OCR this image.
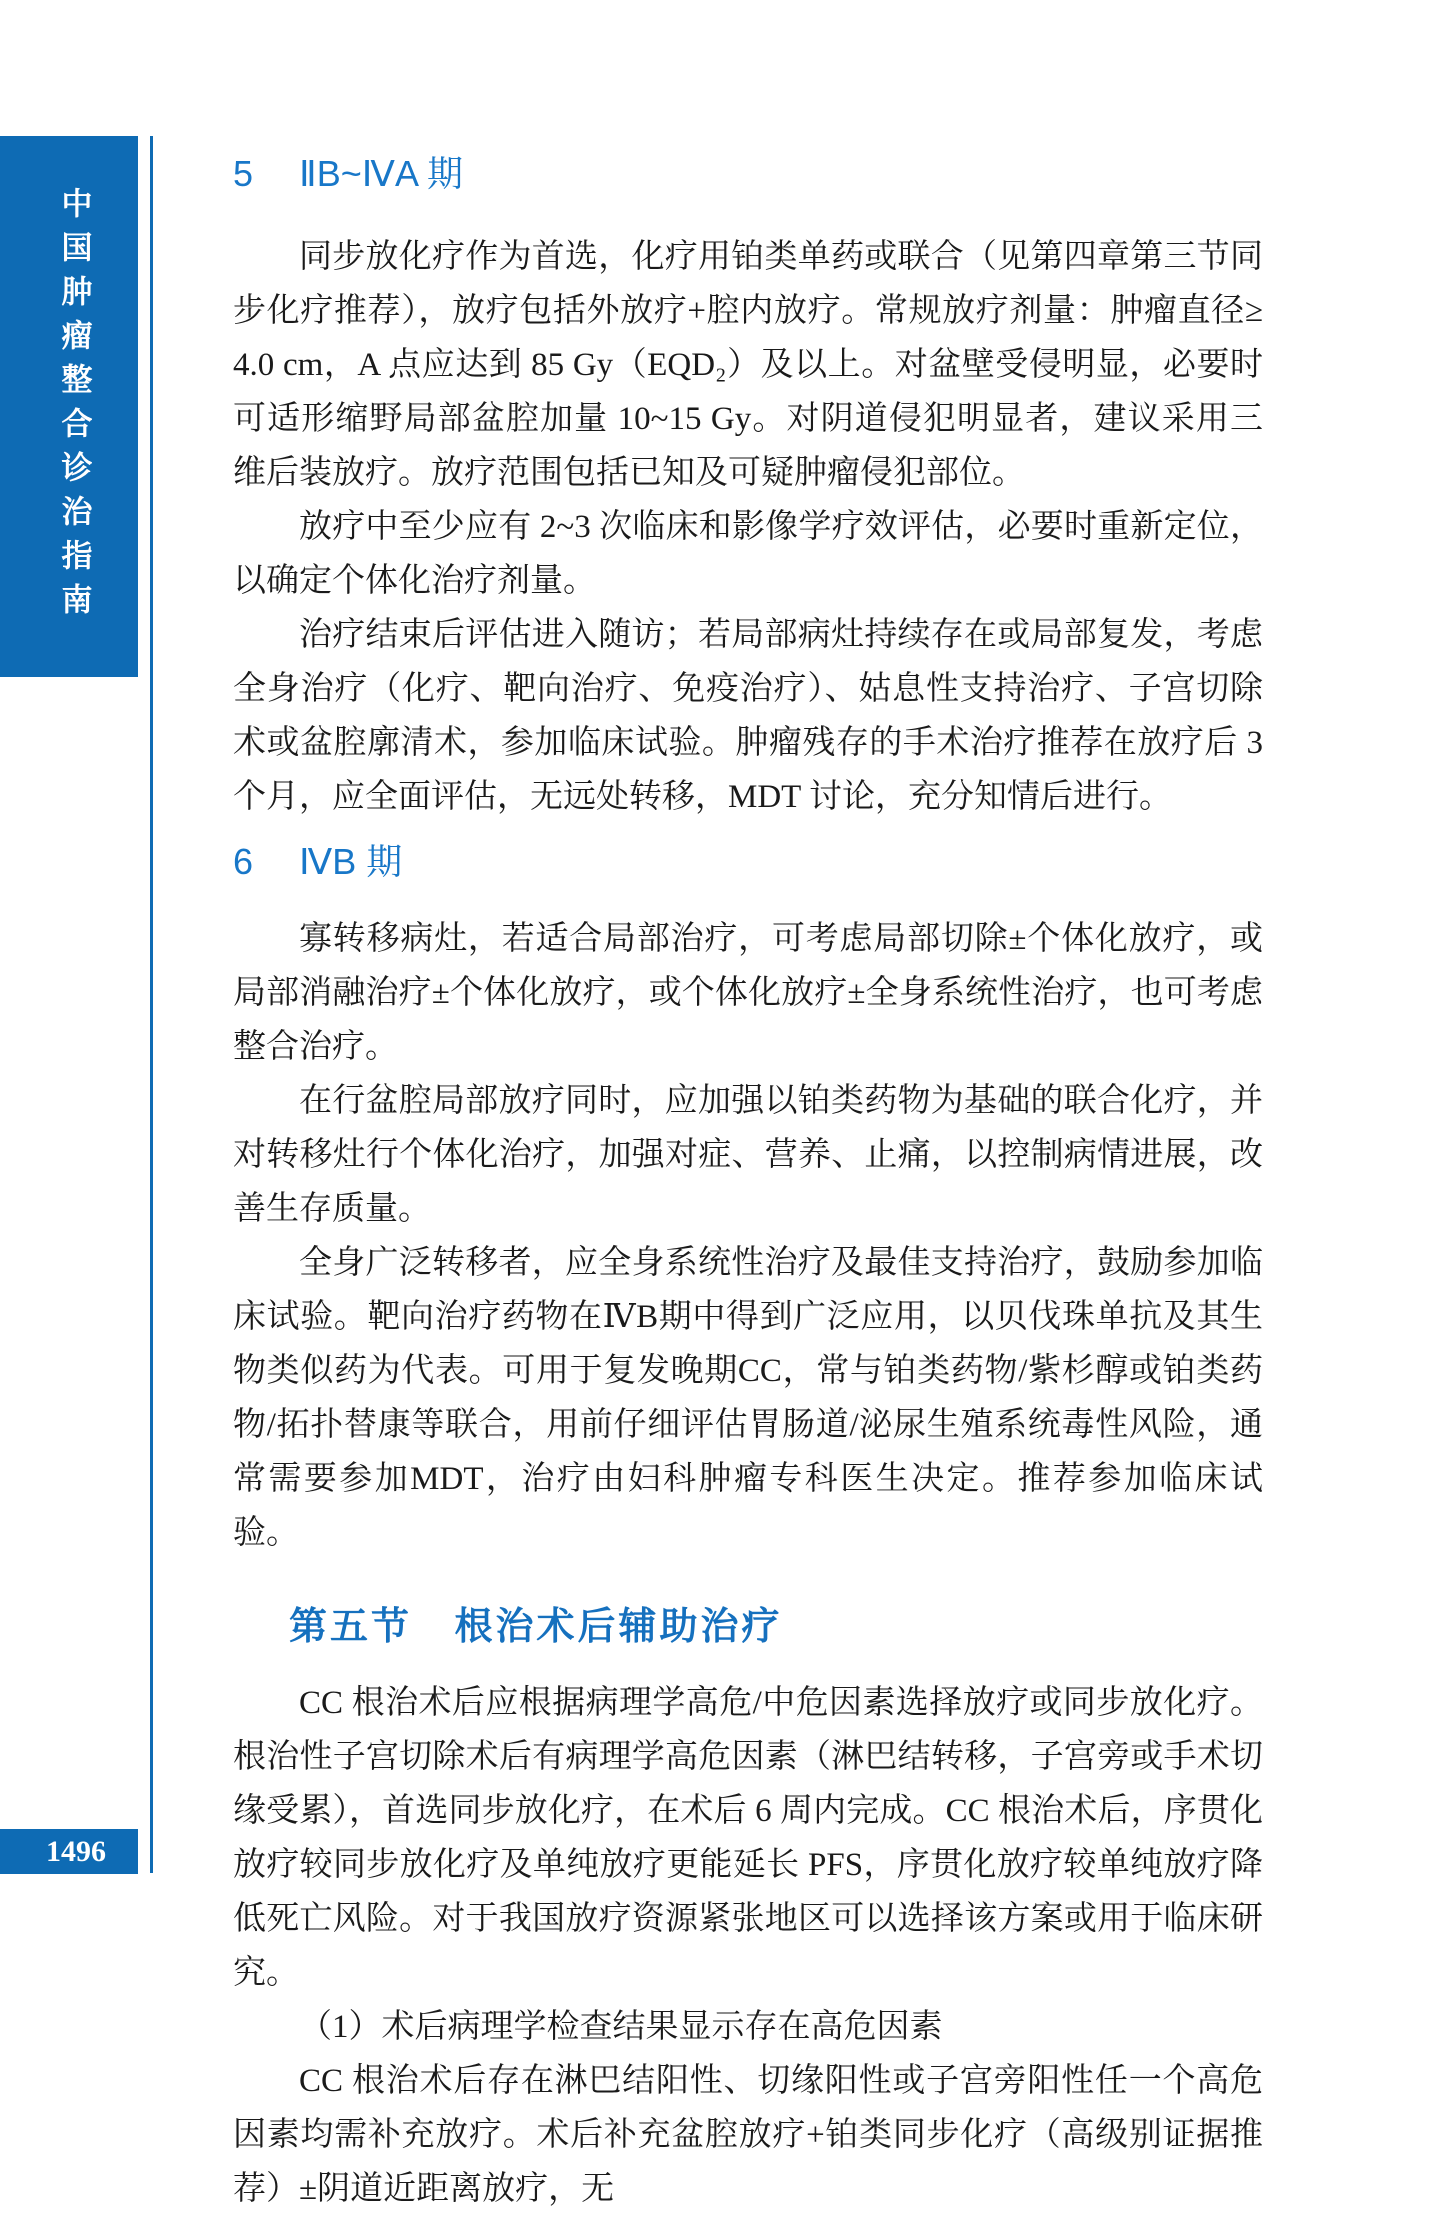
中国肿瘤整合诊治指南
1496
5 ⅡB~ⅣA 期

同步放化疗作为首选，化疗用铂类单药或联合（见第四章第三节同步化疗推荐），放疗包括外放疗+腔内放疗。常规放疗剂量：肿瘤直径≥4.0 cm，A 点应达到 85 Gy（EQD₂）及以上。对盆壁受侵明显，必要时可适形缩野局部盆腔加量 10~15 Gy。对阴道侵犯明显者，建议采用三维后装放疗。放疗范围包括已知及可疑肿瘤侵犯部位。

放疗中至少应有 2~3 次临床和影像学疗效评估，必要时重新定位，以确定个体化治疗剂量。

治疗结束后评估进入随访；若局部病灶持续存在或局部复发，考虑全身治疗（化疗、靶向治疗、免疫治疗）、姑息性支持治疗、子宫切除术或盆腔廓清术，参加临床试验。肿瘤残存的手术治疗推荐在放疗后 3 个月，应全面评估，无远处转移，MDT 讨论，充分知情后进行。

6 ⅣB 期

寡转移病灶，若适合局部治疗，可考虑局部切除±个体化放疗，或局部消融治疗±个体化放疗，或个体化放疗±全身系统性治疗，也可考虑整合治疗。

在行盆腔局部放疗同时，应加强以铂类药物为基础的联合化疗，并对转移灶行个体化治疗，加强对症、营养、止痛，以控制病情进展，改善生存质量。

全身广泛转移者，应全身系统性治疗及最佳支持治疗，鼓励参加临床试验。靶向治疗药物在ⅣB期中得到广泛应用，以贝伐珠单抗及其生物类似药为代表。可用于复发晚期CC，常与铂类药物/紫杉醇或铂类药物/拓扑替康等联合，用前仔细评估胃肠道/泌尿生殖系统毒性风险，通常需要参加MDT，治疗由妇科肿瘤专科医生决定。推荐参加临床试验。

第五节 根治术后辅助治疗

CC 根治术后应根据病理学高危/中危因素选择放疗或同步放化疗。根治性子宫切除术后有病理学高危因素（淋巴结转移，子宫旁或手术切缘受累），首选同步放化疗，在术后 6 周内完成。CC 根治术后，序贯化放疗较同步放化疗及单纯放疗更能延长 PFS，序贯化放疗较单纯放疗降低死亡风险。对于我国放疗资源紧张地区可以选择该方案或用于临床研究。

（1）术后病理学检查结果显示存在高危因素

CC 根治术后存在淋巴结阳性、切缘阳性或子宫旁阳性任一个高危因素均需补充放疗。术后补充盆腔放疗+铂类同步化疗（高级别证据推荐）±阴道近距离放疗，无
